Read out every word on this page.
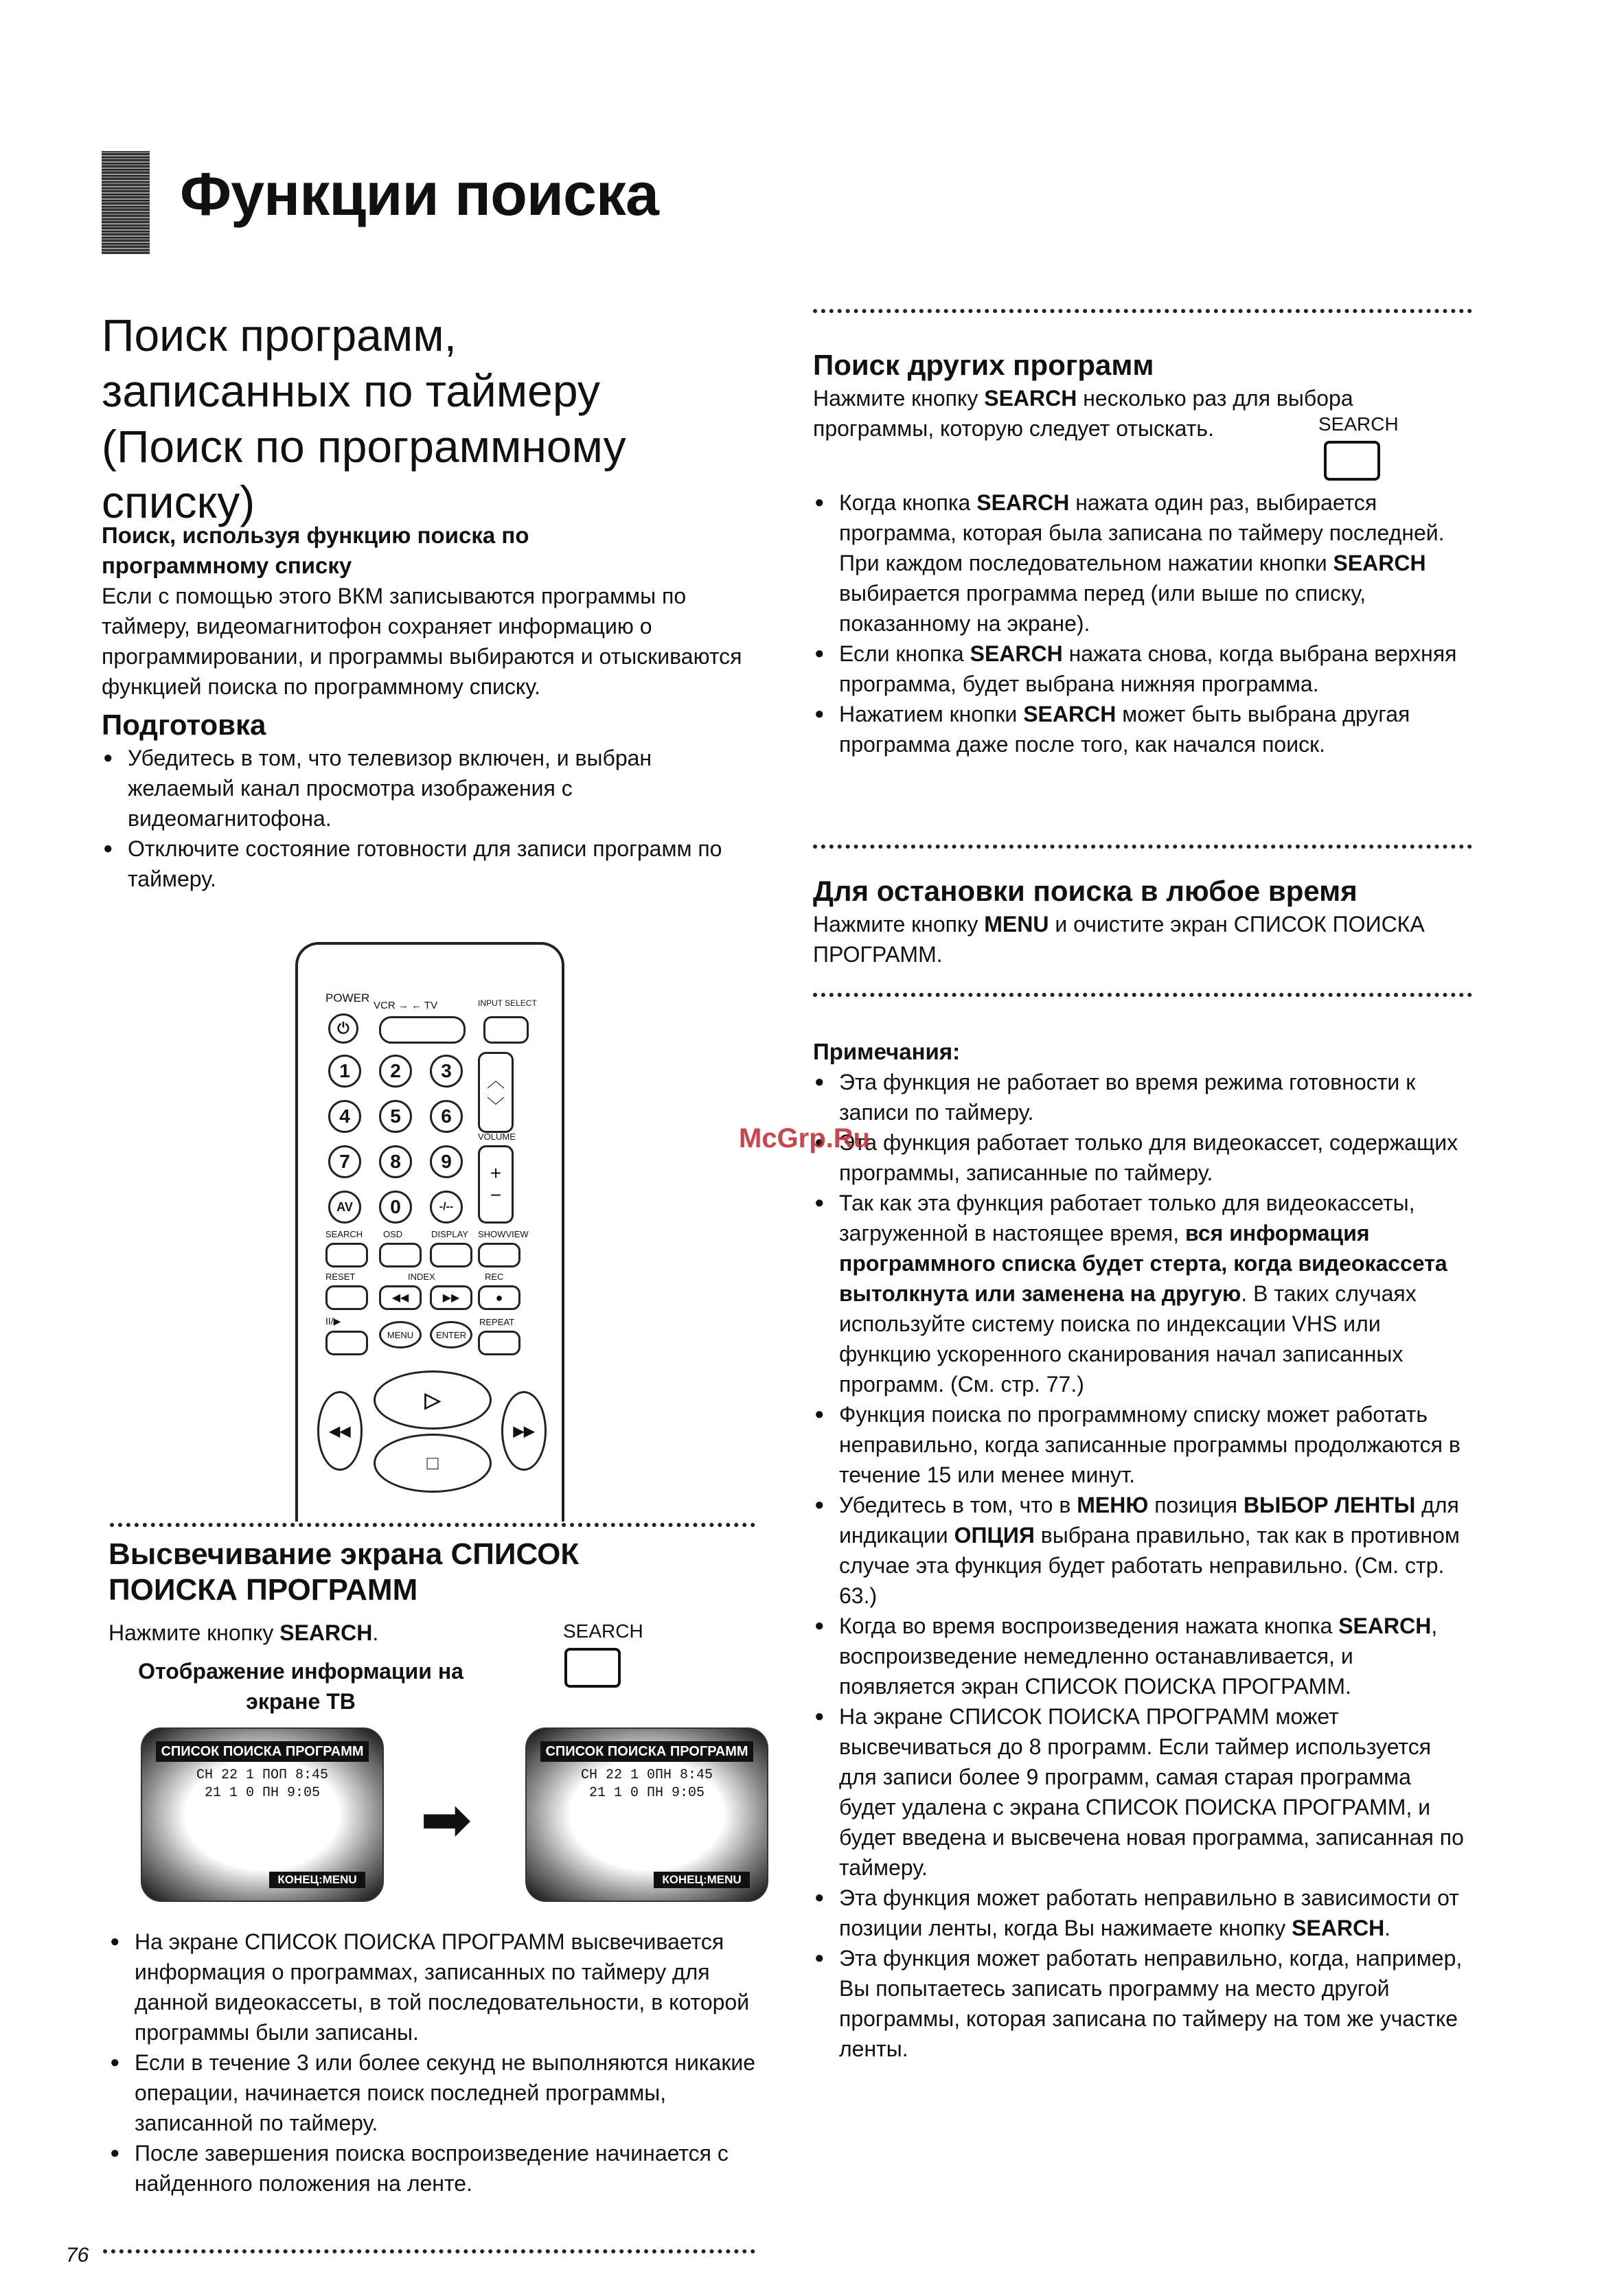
Функции поиска
Поиск программ, записанных по таймеру (Поиск по программному списку)
Поиск, используя функцию поиска по программному списку
Если с помощью этого ВКМ записываются программы по таймеру, видеомагнитофон сохраняет информацию о программировании, и программы выбираются и отыскиваются функцией поиска по программному списку.
Подготовка
● Убедитесь в том, что телевизор включен, и выбран желаемый канал просмотра изображения с видеомагнитофона.
● Отключите состояние готовности для записи программ по таймеру.
POWER
VCR → ← TV	INPUT SELECT
⏻
1	2	3
4	5	6
7	8	9
AV	0	-/--
︿
﹀
VOLUME
+
−
SEARCH OSD	DISPLAY SHOWVIEW
RESET	INDEX	REC
◀◀	▶▶	●
II/▶
MENU	ENTER
REPEAT
◀◀	▶▶
▷
□
Высвечивание экрана СПИСОК ПОИСКА ПРОГРАММ
Нажмите кнопку SEARCH.	SEARCH
Отображение информации на экране ТВ
СПИСОК ПОИСКА ПРОГРАММ
CH 22 1 ПОП 8:45
21 1 0 ПН 9:05
КОНЕЦ:MENU
➡
СПИСОК ПОИСКА ПРОГРАММ
CH 22 1 0ПН 8:45
21 1 0 ПН 9:05
КОНЕЦ:MENU
● На экране СПИСОК ПОИСКА ПРОГРАММ высвечивается информация о программах, записанных по таймеру для данной видеокассеты, в той последовательности, в которой программы были записаны.
● Если в течение 3 или более секунд не выполняются никакие операции, начинается поиск последней программы, записанной по таймеру.
● После завершения поиска воспроизведение начинается с найденного положения на ленте.
76
Поиск других программ
Нажмите кнопку SEARCH несколько раз для выбора программы, которую следует отыскать.	SEARCH
● Когда кнопка SEARCH нажата один раз, выбирается программа, которая была записана по таймеру последней. При каждом последовательном нажатии кнопки SEARCH выбирается программа перед (или выше по списку, показанному на экране).
● Если кнопка SEARCH нажата снова, когда выбрана верхняя программа, будет выбрана нижняя программа.
● Нажатием кнопки SEARCH может быть выбрана другая программа даже после того, как начался поиск.
Для остановки поиска в любое время
Нажмите кнопку MENU и очистите экран СПИСОК ПОИСКА ПРОГРАММ.
Примечания:
● Эта функция не работает во время режима готовности к записи по таймеру.
● Эта функция работает только для видеокассет, содержащих программы, записанные по таймеру.
● Так как эта функция работает только для видеокассеты, загруженной в настоящее время, вся информация программного списка будет стерта, когда видеокассета вытолкнута или заменена на другую. В таких случаях используйте систему поиска по индексации VHS или функцию ускоренного сканирования начал записанных программ. (См. стр. 77.)
● Функция поиска по программному списку может работать неправильно, когда записанные программы продолжаются в течение 15 или менее минут.
● Убедитесь в том, что в МЕНЮ позиция ВЫБОР ЛЕНТЫ для индикации ОПЦИЯ выбрана правильно, так как в противном случае эта функция будет работать неправильно. (См. стр. 63.)
● Когда во время воспроизведения нажата кнопка SEARCH, воспроизведение немедленно останавливается, и появляется экран СПИСОК ПОИСКА ПРОГРАММ.
● На экране СПИСОК ПОИСКА ПРОГРАММ может высвечиваться до 8 программ. Если таймер используется для записи более 9 программ, самая старая программа будет удалена с экрана СПИСОК ПОИСКА ПРОГРАММ, и будет введена и высвечена новая программа, записанная по таймеру.
● Эта функция может работать неправильно в зависимости от позиции ленты, когда Вы нажимаете кнопку SEARCH.
● Эта функция может работать неправильно, когда, например, Вы попытаетесь записать программу на место другой программы, которая записана по таймеру на том же участке ленты.
McGrp.Ru
